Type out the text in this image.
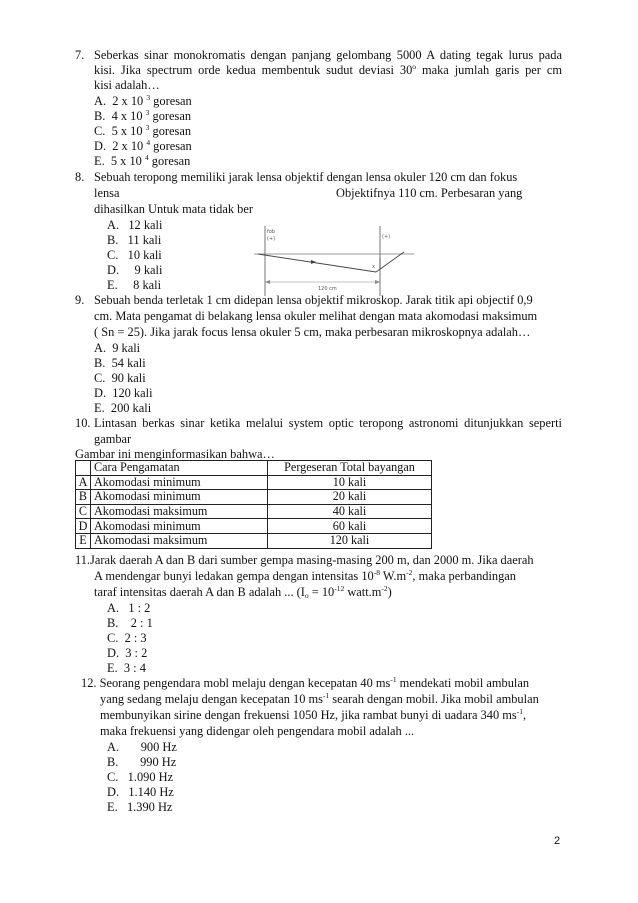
7. Seberkas sinar monokromatis dengan panjang gelombang 5000 A dating tegak lurus pada
kisi. Jika spectrum orde kedua membentuk sudut deviasi 30$^o$ maka jumlah garis per cm
kisi adalah…
A. 2 x 10 $^3$ goresan
B. 4 x 10 $^3$ goresan
C. 5 x 10 $^3$ goresan
D. 2 x 10 $^4$ goresan
E. 5 x 10 $^4$ goresan
8. Sebuah teropong memiliki jarak lensa objektif dengan lensa okuler 120 cm dan fokus
lensa	Objektifnya 110 cm. Perbesaran yang
dihasilkan Untuk mata tidak ber
A. 12 kali
B. 11 kali
C. 10 kali
D. 9 kali
E. 8 kali
fob
(+)	(+)
x
120 cm
9. Sebuah benda terletak 1 cm didepan lensa objektif mikroskop. Jarak titik api objectif 0,9
cm. Mata pengamat di belakang lensa okuler melihat dengan mata akomodasi maksimum
( Sn = 25). Jika jarak focus lensa okuler 5 cm, maka perbesaran mikroskopnya adalah…
A. 9 kali
B. 54 kali
C. 90 kali
D. 120 kali
E. 200 kali
10. Lintasan berkas sinar ketika melalui system optic teropong astronomi ditunjukkan seperti
gambar
Gambar ini menginformasikan bahwa…
	Cara Pengamatan	Pergeseran Total bayangan
A	Akomodasi minimum	10 kali
B	Akomodasi minimum	20 kali
C	Akomodasi maksimum	40 kali
D	Akomodasi minimum	60 kali
E	Akomodasi maksimum	120 kali
11.Jarak daerah A dan B dari sumber gempa masing-masing 200 m, dan 2000 m. Jika daerah
A mendengar bunyi ledakan gempa dengan intensitas $10^{-8}$ $W.m^{-2}$, maka perbandingan
taraf intensitas daerah A dan B adalah ... ($I_o = 10^{-12}$ $watt.m^{-2}$)
A. 1 : 2
B. 2 : 1
C. 2 : 3
D. 3 : 2
E. 3 : 4
12. Seorang pengendara mobl melaju dengan kecepatan 40 $ms^{-1}$ mendekati mobil ambulan
yang sedang melaju dengan kecepatan 10 $ms^{-1}$ searah dengan mobil. Jika mobil ambulan
membunyikan sirine dengan frekuensi 1050 Hz, jika rambat bunyi di uadara 340 $ms^{-1}$,
maka frekuensi yang didengar oleh pengendara mobil adalah ...
A. 900 Hz
B. 990 Hz
C. 1.090 Hz
D. 1.140 Hz
E. 1.390 Hz
2
